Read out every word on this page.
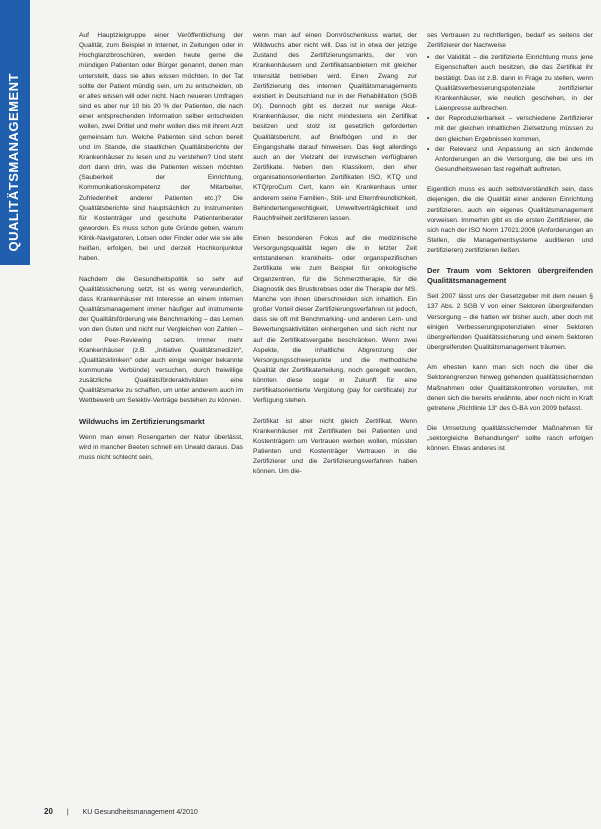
QUALITÄTSMANAGEMENT

Auf Hauptzielgruppe einer Veröffentlichung der Qualität, zum Beispiel in Internet, in Zeitungen oder in Hochglanzbroschüren, werden heute gerne die mündigen Patienten oder Bürger genannt, denen man unterstellt, dass sie alles wissen möchten. In der Tat sollte der Patient mündig sein, um zu entscheiden, ob er alles wissen will oder nicht. Nach neueren Umfragen sind es aber nur 10 bis 20 % der Patienten, die nach einer entsprechenden Information selber entscheiden wollen, zwei Drittel und mehr wollen dies mit ihrem Arzt gemeinsam tun. Welche Patienten sind schon bereit und im Stande, die staatlichen Qualitätsberichte der Krankenhäuser zu lesen und zu verstehen? Und steht dort dann drin, was die Patienten wissen möchten (Sauberkeit der Einrichtung, Kommunikationskompetenz der Mitarbeiter, Zufriedenheit anderer Patienten etc.)? Die Qualitätsberichte sind hauptsächlich zu Instrumenten für Kostenträger und geschulte Patientenberater geworden. Es muss schon gute Gründe geben, warum Klinik-Navigatoren, Lotsen oder Finder oder wie sie alle heißen, erfolgen, bei und derzeit Hochkonjunktur haben.

Nachdem die Gesundheitspolitik so sehr auf Qualitätssicherung setzt, ist es wenig verwunderlich, dass Krankenhäuser mit Interesse an einem internen Qualitätsmanagement immer häufiger auf instrumente der Qualitätsförderung wie Benchmarking – das Lernen von den Guten und nicht nur Vergleichen von Zahlen – oder Peer-Reviewing setzen. Immer mehr Krankenhäuser (z.B. „Initiative Qualitätsmedizin“, „Qualitätskliniken“ oder auch einige weniger bekannte kommunale Verbünde) versuchen, durch freiwillige zusätzliche Qualitätsförderaktivitäten eine Qualitätsmarke zu schaffen, um unter anderem auch im Wettbewerb um Selektiv-Verträge bestehen zu können.

Wildwuchs im Zertifizierungsmarkt

Wenn man einen Rosengarten der Natur überlässt, wird in mancher Beeten schnell ein Urwald daraus. Das muss nicht schlecht sein,

wenn man auf einen Dornröschenkuss wartet, der Wildwuchs aber nicht will. Das ist in etwa der jetzige Zustand des Zertifizierungsmarkts, der von Krankenhäusern und Zertifikatsanbietern mit gleicher Intensität betrieben wird. Einen Zwang zur Zertifizierung des internen Qualitätsmanagements existiert in Deutschland nur in der Rehabilitation (SGB IX). Dennoch gibt es derzeit nur wenige Akut-Krankenhäuser, die nicht mindestens ein Zertifikat besitzen und stolz ist gesetzlich geforderten Qualitätsbericht, auf Briefbögen und in der Eingangshalle darauf hinweisen. Das liegt allerdings auch an der Vielzahl der inzwischen verfügbaren Zertifikate. Neben den Klassikern, den eher organisationsorientierten Zertifikaten ISO, KTQ und KTQ/proCum Cert, kann ein Krankenhaus unter anderem seine Familien-, Still- und Elternfreundlichkeit, Behindertengerechtigkeit, Umweltverträglichkeit und Rauchfreiheit zertifizieren lassen.

Einen besonderen Fokus auf die medizinische Versorgungsqualität legen die in letzter Zeit entstandenen krankheits- oder organspezifischen Zertifikate wie zum Beispiel für onkologische Organzentren, für die Schmerztherapie, für die Diagnostik des Brustkrebses oder die Therapie der MS. Manche von ihnen überschneiden sich inhaltlich. Ein großer Vorteil dieser Zertifizierungsverfahren ist jedoch, dass sie oft mit Benchmarking- und anderen Lern- und Bewertungsaktivitäten einhergehen und sich nicht nur auf die Zertifikatsvergabe beschränken. Wenn zwei Aspekte, die inhaltliche Abgrenzung der Versorgungsschwerpunkte und die methodische Qualität der Zertifikaterteilung, noch geregelt werden, könnten diese sogar in Zukunft für eine zertifikatsorientierte Vergütung (pay for certificate) zur Verfügung stehen.

Zertifikat ist aber nicht gleich Zertifikat. Wenn Krankenhäuser mit Zertifikaten bei Patienten und Kostenträgern um Vertrauen werben wollen, müssten Patienten und Kostenträger Vertrauen in die Zertifizierer und die Zertifizierungsverfahren haben können. Um die-

ses Vertrauen zu rechtfertigen, bedarf es seitens der Zertifizierer der Nachweise

• der Validität – die zertifizierte Einrichtung muss jene Eigenschaften auch besitzen, die das Zertifikat ihr bestätigt. Das ist z.B. dann in Frage zu stellen, wenn Qualitätsverbesserungspotenziale zertifizierter Krankenhäuser, wie neulich geschehen, in der Laienpresse aufbrechen.
• der Reproduzierbarkeit – verschiedene Zertifizierer mit der gleichen inhaltlichen Zielsetzung müssen zu den gleichen Ergebnissen kommen,
• der Relevanz und Anpassung an sich ändernde Anforderungen an die Versorgung, die bei uns im Gesundheitswesen fast regelhaft auftreten.

Eigentlich muss es auch selbstverständlich sein, dass diejenigen, die die Qualität einer anderen Einrichtung zertifizieren, auch ein eigenes Qualitätsmanagement vorweisen. Immerhin gibt es die ersten Zertifizierer, die sich nach der ISO Norm 17021:2006 (Anforderungen an Stellen, die Managementsysteme auditieren und zertifizieren) zertifizieren ließen.

Der Traum vom Sektoren übergreifenden Qualitätsmanagement

Seit 2007 lässt uns der Gesetzgeber mit dem neuen § 137 Abs. 2 SGB V von einer Sektoren übergreifenden Versorgung – die hatten wir bisher auch, aber doch mit einigen Verbesserungspotenzialen einer Sektoren übergreifenden Qualitätssicherung und einem Sektoren übergreifenden Qualitätsmanagement träumen.

Am ehesten kann man sich noch die über die Sektorengrenzen hinweg gehenden qualitätssichernden Maßnahmen oder Qualitätskontrollen vorstellen, mit denen sich die bereits erwähnte, aber noch nicht in Kraft getretene „Richtlinie 13“ des G-BA von 2009 befasst.

Die Umsetzung qualitätssichernder Maßnahmen für „sektorgleiche Behandlungen“ sollte rasch erfolgen können. Etwas anderes ist

20 | KU Gesundheitsmanagement 4/2010
